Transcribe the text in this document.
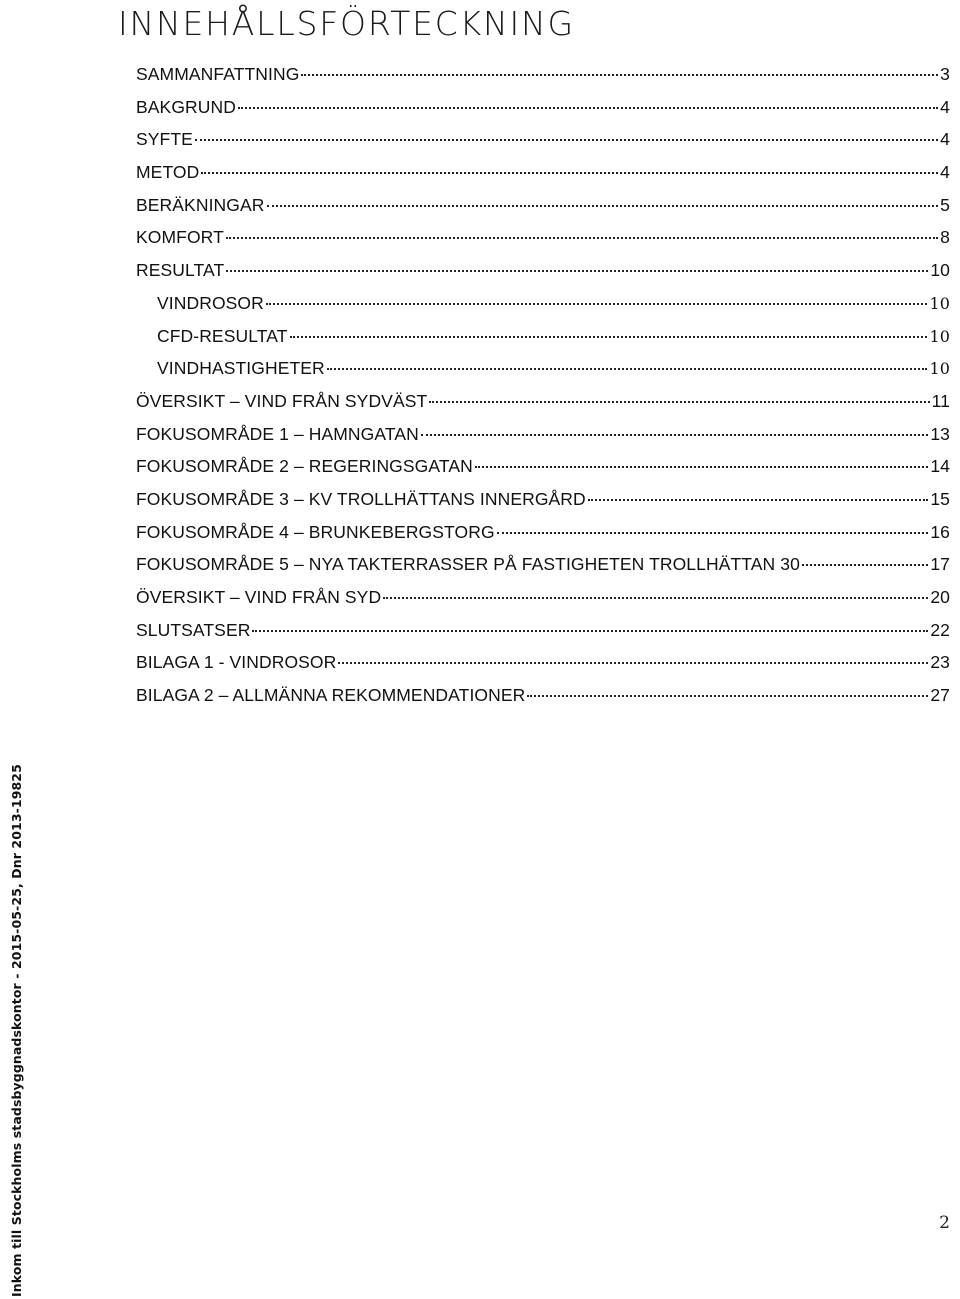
INNEHÅLLSFÖRTECKNING
SAMMANFATTNING	3
BAKGRUND	4
SYFTE	4
METOD	4
BERÄKNINGAR	5
KOMFORT	8
RESULTAT	10
VINDROSOR	10
CFD-RESULTAT	10
VINDHASTIGHETER	10
ÖVERSIKT – VIND FRÅN SYDVÄST	11
FOKUSOMRÅDE 1 – HAMNGATAN	13
FOKUSOMRÅDE 2 – REGERINGSGATAN	14
FOKUSOMRÅDE 3 – KV TROLLHÄTTANS INNERGÅRD	15
FOKUSOMRÅDE 4 – BRUNKEBERGSTORG	16
FOKUSOMRÅDE 5 – NYA TAKTERRASSER PÅ FASTIGHETEN TROLLHÄTTAN 30	17
ÖVERSIKT – VIND FRÅN SYD	20
SLUTSATSER	22
BILAGA 1 - VINDROSOR	23
BILAGA 2 – ALLMÄNNA REKOMMENDATIONER	27
Inkom till Stockholms stadsbyggnadskontor - 2015-05-25, Dnr 2013-19825	2
